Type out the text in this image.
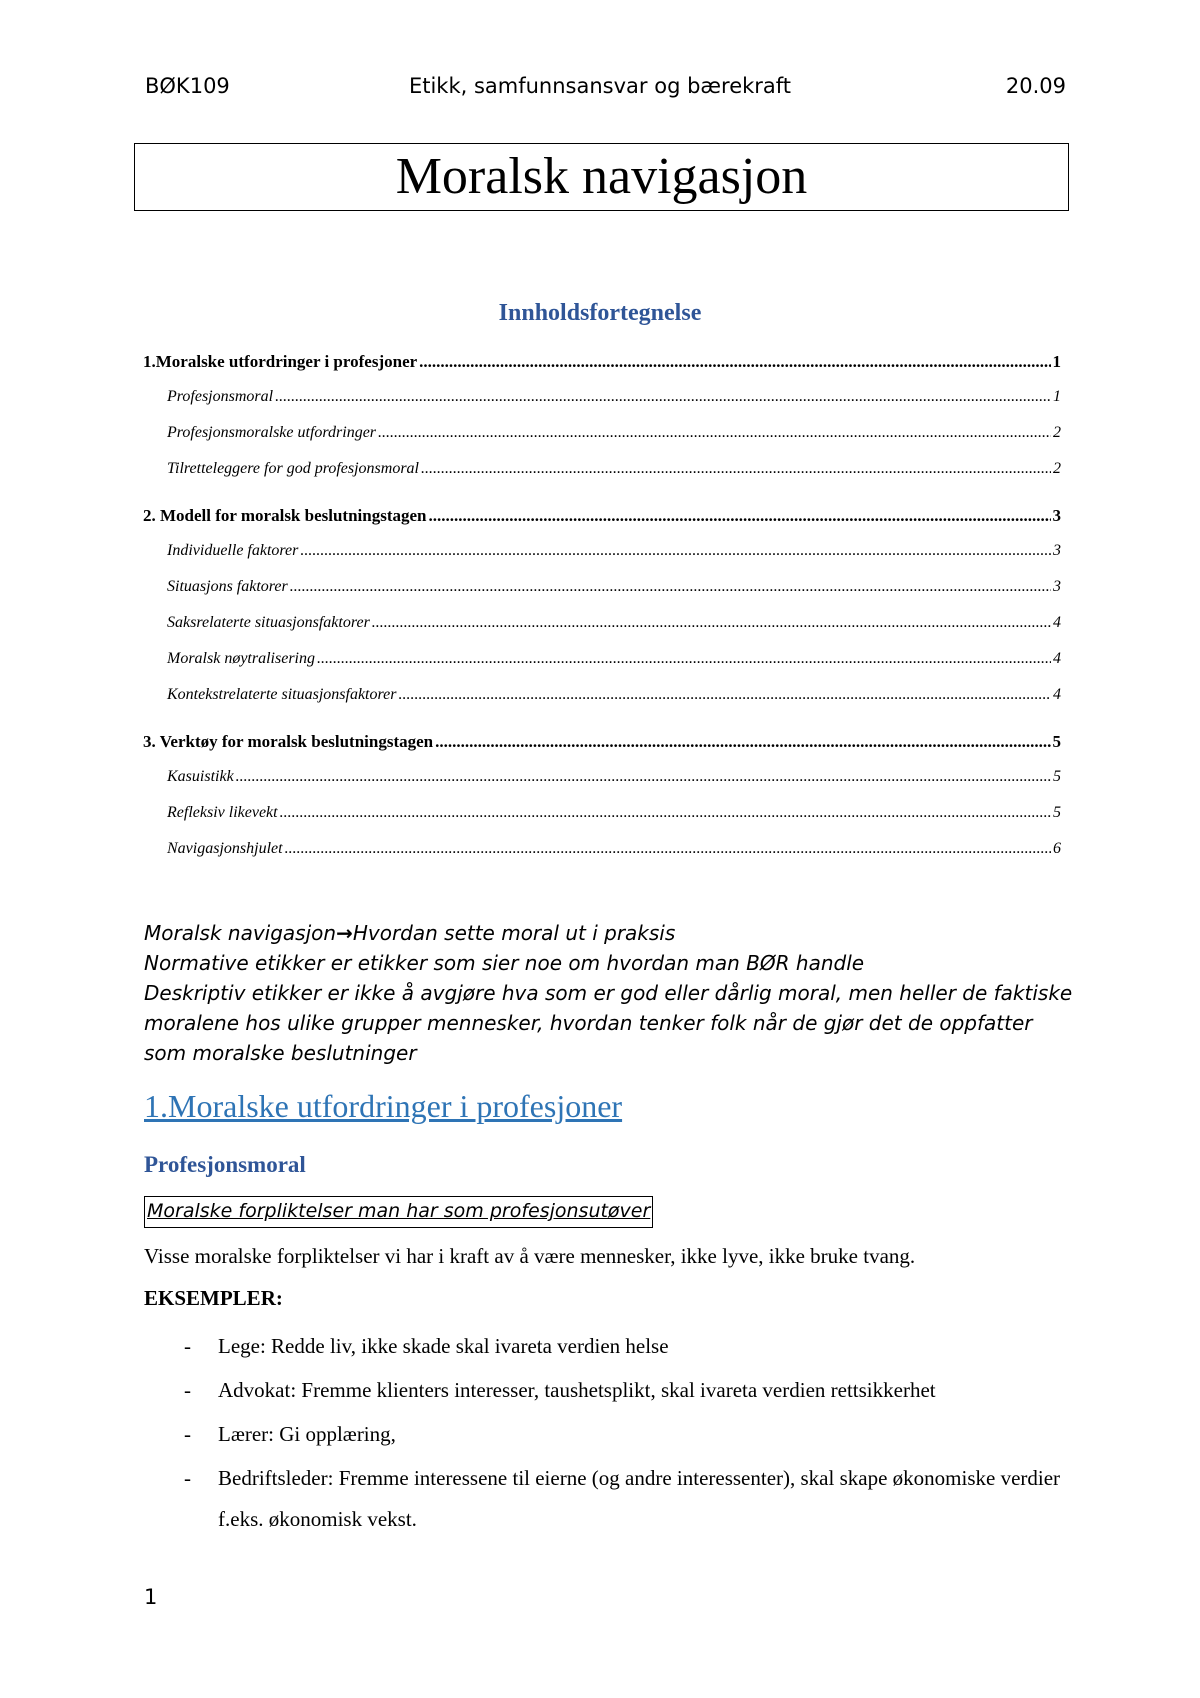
BØK109	Etikk, samfunnsansvar og bærekraft	20.09
Moralsk navigasjon
Innholdsfortegnelse
1.Moralske utfordringer i profesjoner .....	1
Profesjonsmoral .....	1
Profesjonsmoralske utfordringer .....	2
Tilretteleggere for god profesjonsmoral .....	2
2. Modell for moralsk beslutningstagen .....	3
Individuelle faktorer .....	3
Situasjons faktorer .....	3
Saksrelaterte situasjonsfaktorer .....	4
Moralsk nøytralisering .....	4
Kontekstrelaterte situasjonsfaktorer .....	4
3. Verktøy for moralsk beslutningstagen .....	5
Kasuistikk .....	5
Refleksiv likevekt .....	5
Navigasjonshjulet .....	6

Moralsk navigasjon→Hvordan sette moral ut i praksis

Normative etikker er etikker som sier noe om hvordan man BØR handle

Deskriptiv etikker er ikke å avgjøre hva som er god eller dårlig moral, men heller de faktiske moralene hos ulike grupper mennesker, hvordan tenker folk når de gjør det de oppfatter som moralske beslutninger

1.Moralske utfordringer i profesjoner
Profesjonsmoral
Moralske forpliktelser man har som profesjonsutøver
Visse moralske forpliktelser vi har i kraft av å være mennesker, ikke lyve, ikke bruke tvang.
EKSEMPLER:
- Lege: Redde liv, ikke skade skal ivareta verdien helse
- Advokat: Fremme klienters interesser, taushetsplikt, skal ivareta verdien rettsikkerhet
- Lærer: Gi opplæring,
- Bedriftsleder: Fremme interessene til eierne (og andre interessenter), skal skape økonomiske verdier f.eks. økonomisk vekst.
1
